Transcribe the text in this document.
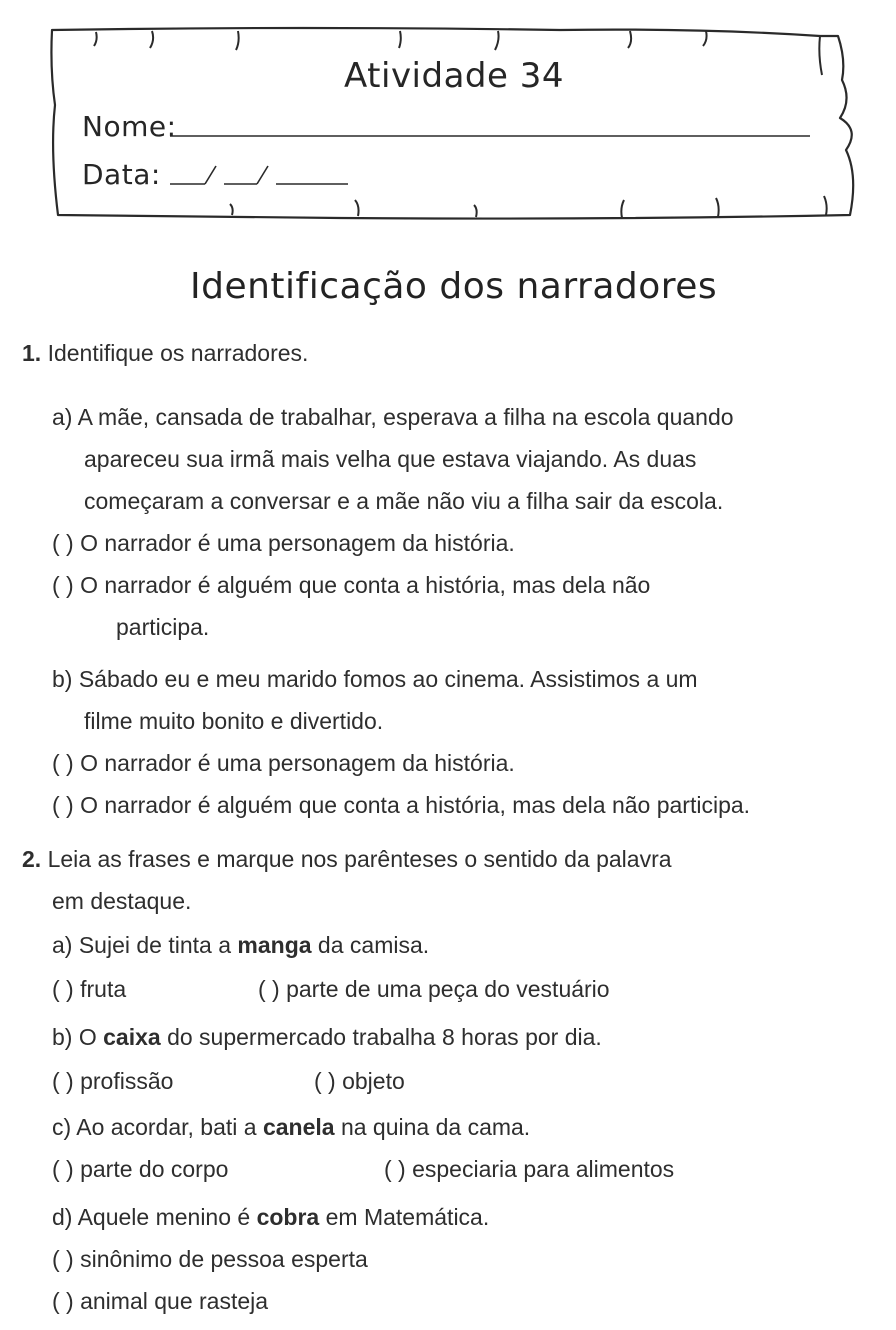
Atividade 34
Nome:
Data:
Identificação dos narradores
1. Identifique os narradores.
a) A mãe, cansada de trabalhar, esperava a filha na escola quando
apareceu sua irmã mais velha que estava viajando. As duas
começaram a conversar e a mãe não viu a filha sair da escola.
( ) O narrador é uma personagem da história.
( ) O narrador é alguém que conta a história, mas dela não
participa.
b) Sábado eu e meu marido fomos ao cinema. Assistimos a um
filme muito bonito e divertido.
( ) O narrador é uma personagem da história.
( ) O narrador é alguém que conta a história, mas dela não participa.
2. Leia as frases e marque nos parênteses o sentido da palavra
em destaque.
a) Sujei de tinta a manga da camisa.
( ) fruta	( ) parte de uma peça do vestuário
b) O caixa do supermercado trabalha 8 horas por dia.
( ) profissão	( ) objeto
c) Ao acordar, bati a canela na quina da cama.
( ) parte do corpo	( ) especiaria para alimentos
d) Aquele menino é cobra em Matemática.
( ) sinônimo de pessoa esperta
( ) animal que rasteja
